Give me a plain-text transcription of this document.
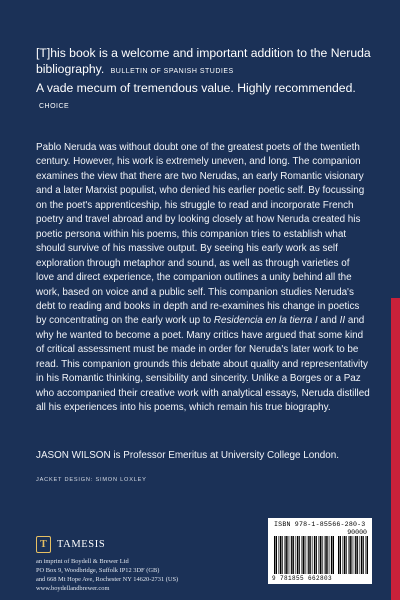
[T]his book is a welcome and important addition to the Neruda bibliography. BULLETIN OF SPANISH STUDIES
A vade mecum of tremendous value. Highly recommended. CHOICE
Pablo Neruda was without doubt one of the greatest poets of the twentieth century. However, his work is extremely uneven, and long. The companion examines the view that there are two Nerudas, an early Romantic visionary and a later Marxist populist, who denied his earlier poetic self. By focussing on the poet's apprenticeship, his struggle to read and incorporate French poetry and travel abroad and by looking closely at how Neruda created his poetic persona within his poems, this companion tries to establish what should survive of his massive output. By seeing his early work as self exploration through metaphor and sound, as well as through varieties of love and direct experience, the companion outlines a unity behind all the work, based on voice and a public self. This companion studies Neruda's debt to reading and books in depth and re-examines his change in poetics by concentrating on the early work up to Residencia en la tierra I and II and why he wanted to become a poet. Many critics have argued that some kind of critical assessment must be made in order for Neruda's later work to be read. This companion grounds this debate about quality and representativity in his Romantic thinking, sensibility and sincerity. Unlike a Borges or a Paz who accompanied their creative work with analytical essays, Neruda distilled all his experiences into his poems, which remain his true biography.
JASON WILSON is Professor Emeritus at University College London.
JACKET DESIGN: SIMON LOXLEY
T TAMESIS
an imprint of Boydell & Brewer Ltd
PO Box 9, Woodbridge, Suffolk IP12 3DF (GB)
and 668 Mt Hope Ave, Rochester NY 14620-2731 (US)
www.boydellandbrewer.com
ISBN 978-1-85566-280-3
90000
9 781855 662803
